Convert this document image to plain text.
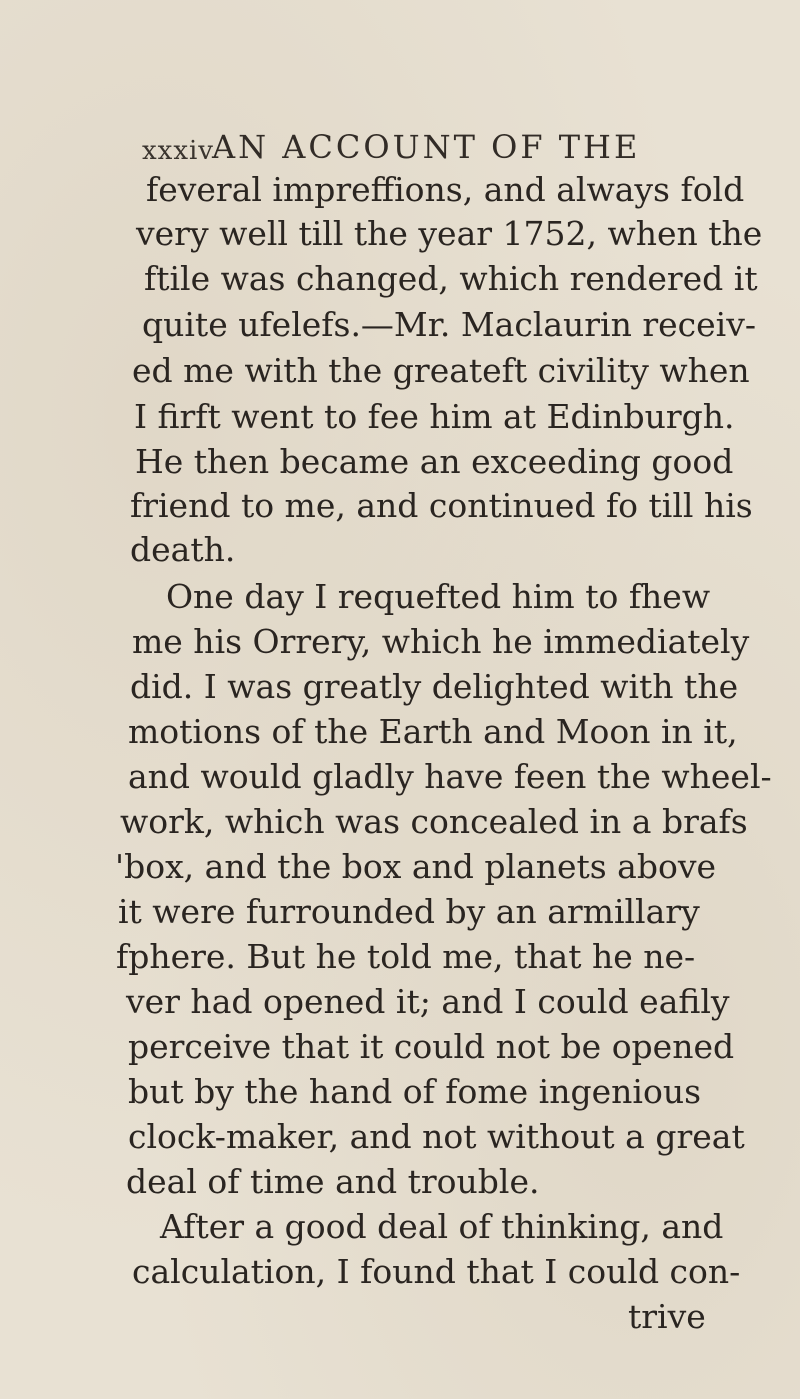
xxxiv
AN ACCOUNT OF THE
feveral impreffions, and always fold
very well till the year 1752, when the
ftile was changed, which rendered it
quite ufelefs.—Mr. Maclaurin receiv-
ed me with the greateft civility when
I firft went to fee him at Edinburgh.
He then became an exceeding good
friend to me, and continued fo till his
death.
One day I requefted him to fhew
me his Orrery, which he immediately
did. I was greatly delighted with the
motions of the Earth and Moon in it,
and would gladly have feen the wheel-
work, which was concealed in a brafs
'box, and the box and planets above
it were furrounded by an armillary
fphere. But he told me, that he ne-
ver had opened it; and I could eafily
perceive that it could not be opened
but by the hand of fome ingenious
clock-maker, and not without a great
deal of time and trouble.
After a good deal of thinking, and
calculation, I found that I could con-
trive
